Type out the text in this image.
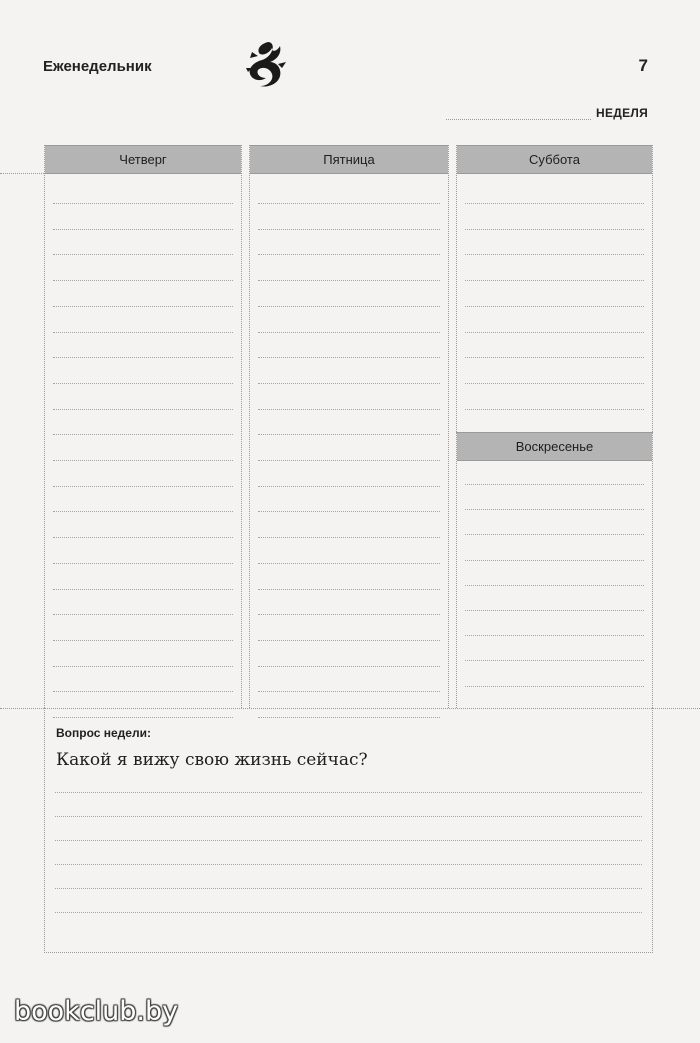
Еженедельник	7
НЕДЕЛЯ
Четверг	Пятница	Суббота
Воскресенье
Вопрос недели:
Какой я вижу свою жизнь сейчас?
bookclub.by
